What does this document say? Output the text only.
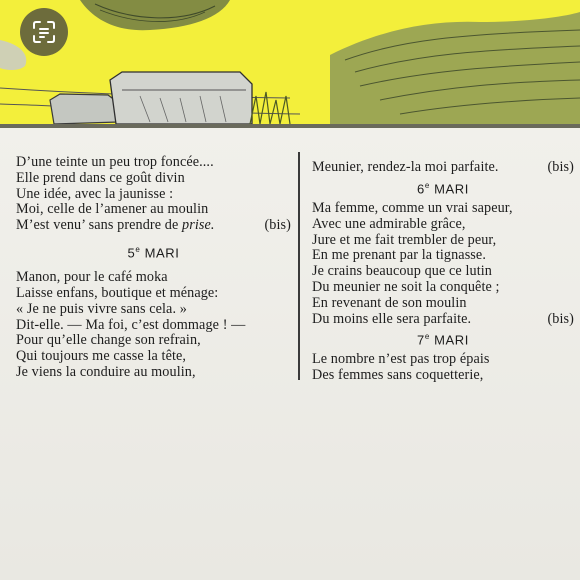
D’une teinte un peu trop foncée....
Elle prend dans ce goût divin
Une idée, avec la jaunisse :
Moi, celle de l’amener au moulin
M’est venu’ sans prendre de prise.	(bis)
5e MARI
Manon, pour le café moka
Laisse enfans, boutique et ménage:
« Je ne puis vivre sans cela. »
Dit-elle. — Ma foi, c’est dommage ! —
Pour qu’elle change son refrain,
Qui toujours me casse la tête,
Je viens la conduire au moulin,
Meunier, rendez-la moi parfaite.	(bis)
6e MARI
Ma femme, comme un vrai sapeur,
Avec une admirable grâce,
Jure et me fait trembler de peur,
En me prenant par la tignasse.
Je crains beaucoup que ce lutin
Du meunier ne soit la conquête ;
En revenant de son moulin
Du moins elle sera parfaite.	(bis)
7e MARI
Le nombre n’est pas trop épais
Des femmes sans coquetterie,
